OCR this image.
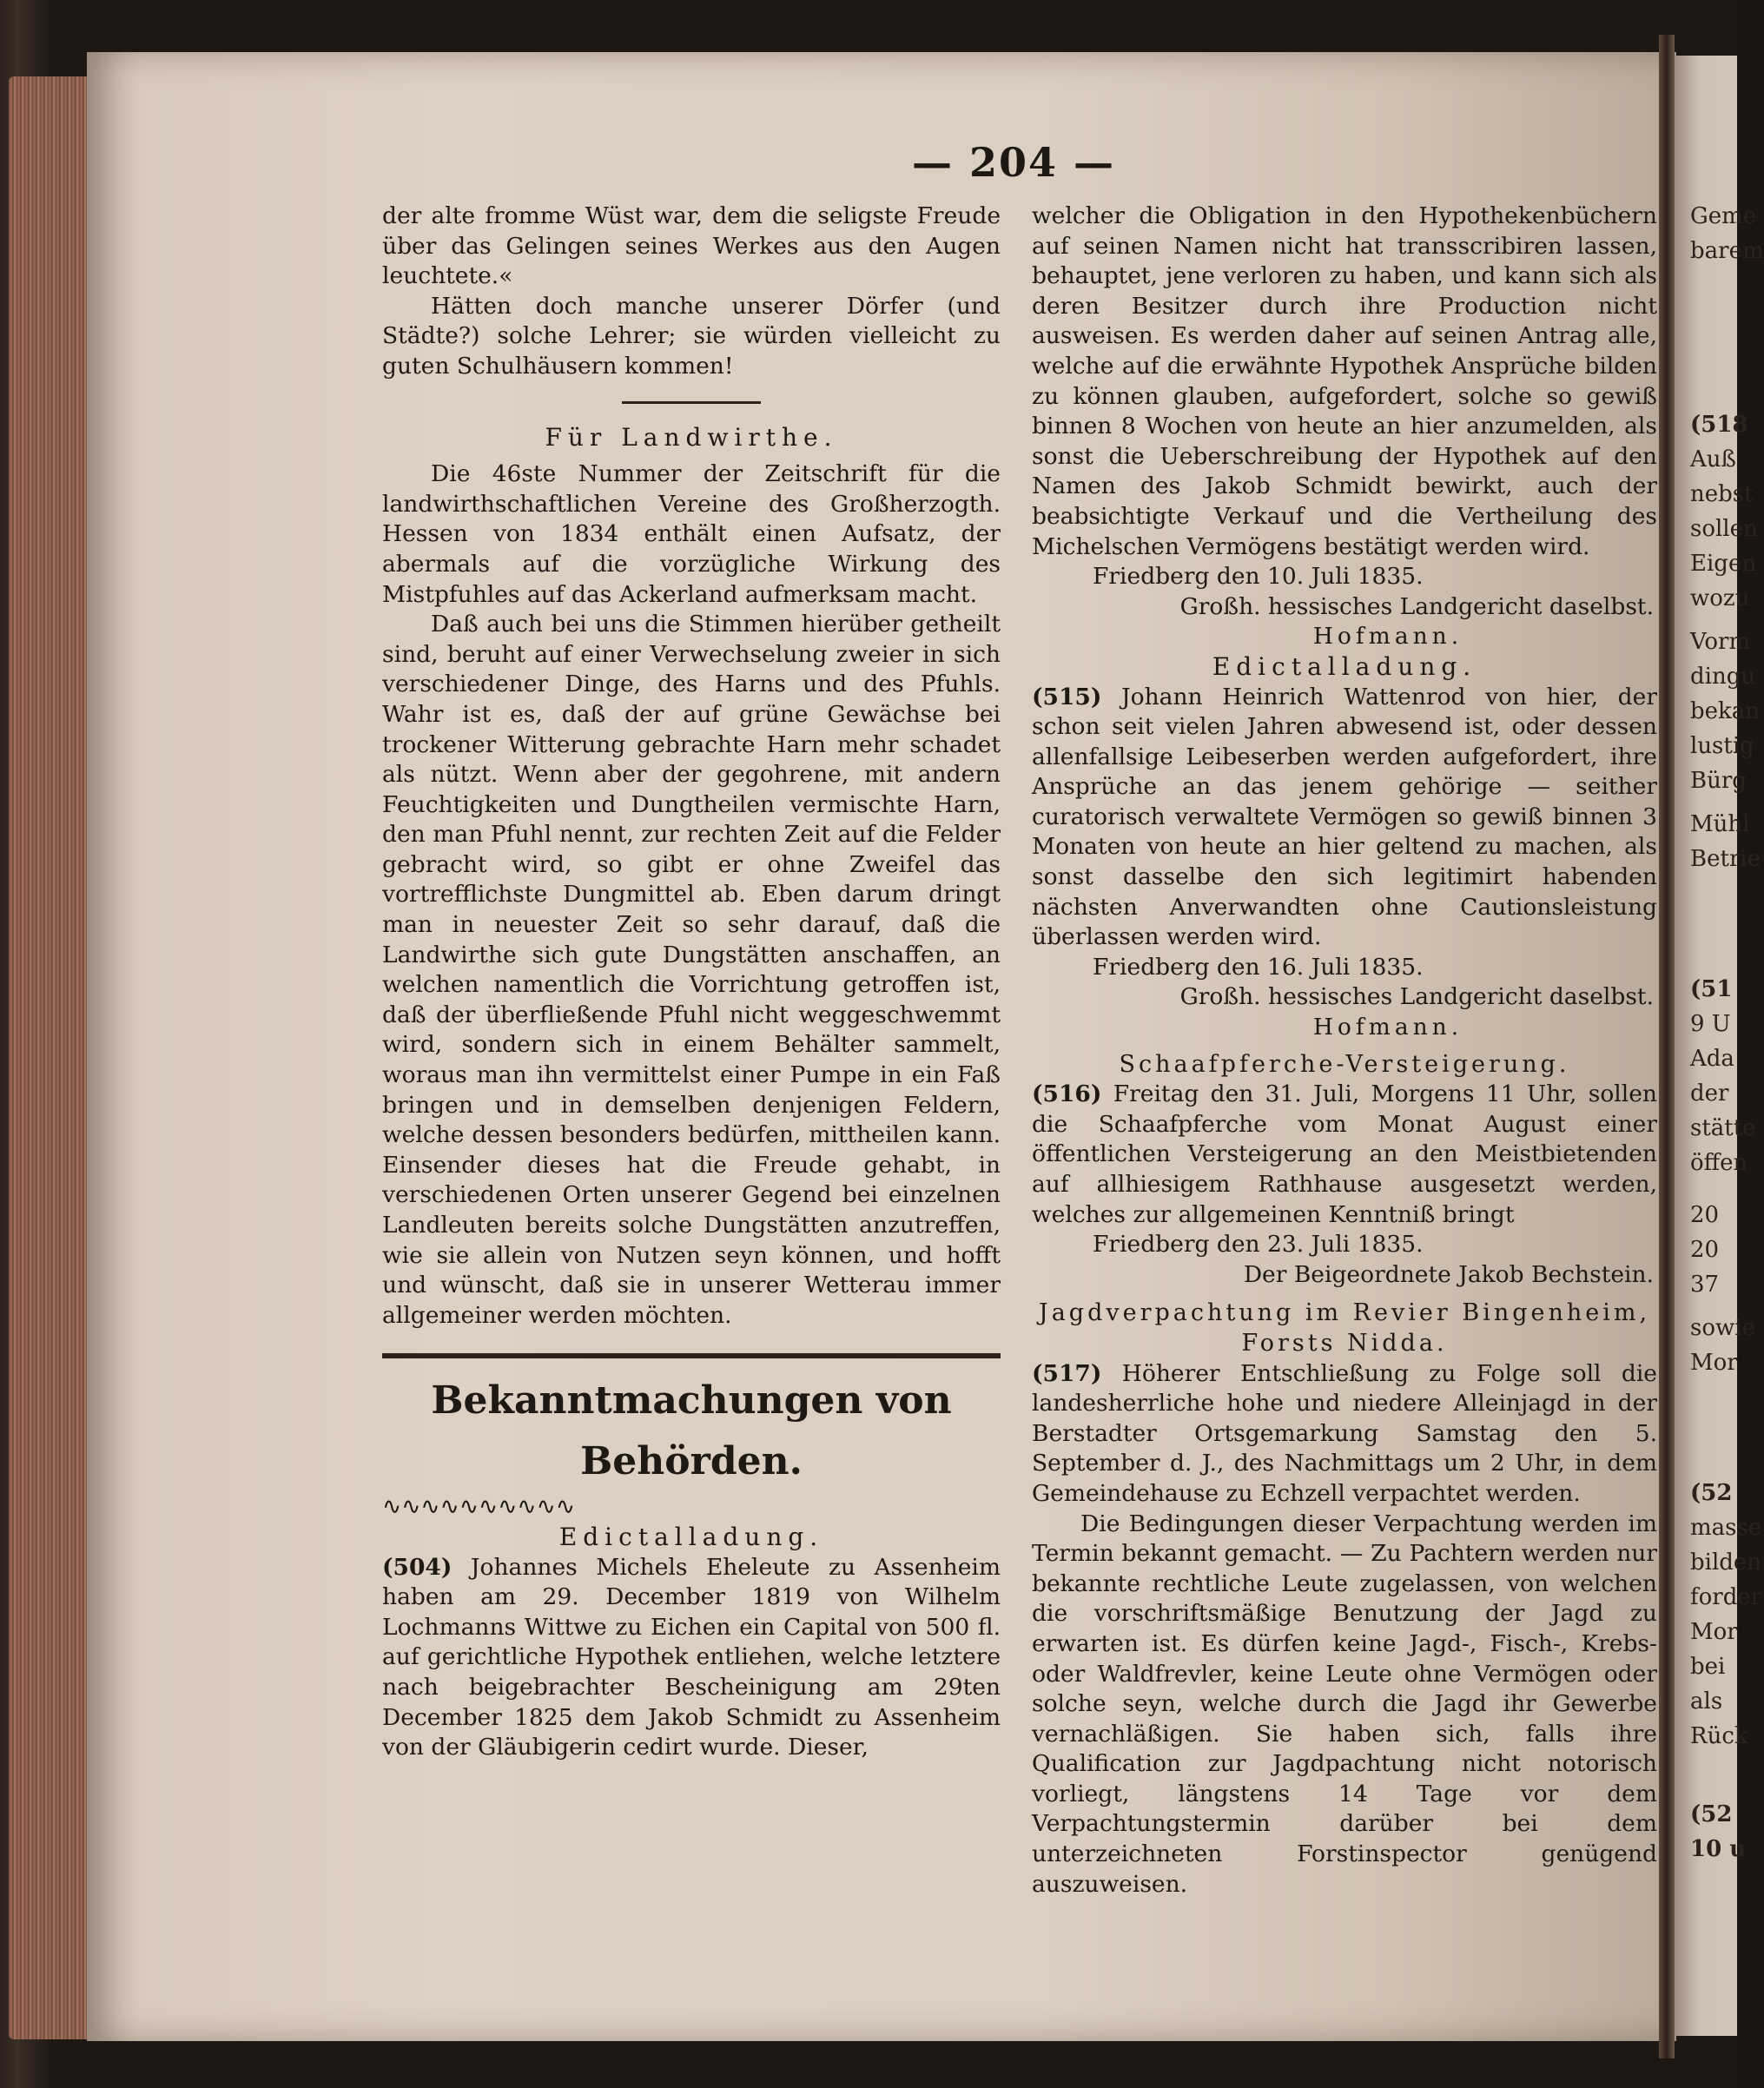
Geme
barem
(518
Auß
nebst
sollen
Eigen
wozu
Vorm
dingu
bekan
lustig
Bürg
Mühl
Betrie
(51
9 U
Ada
der
stätte
öffen
20
20
37
sowie
Mor
(52
masse
bilden
forder
Mor
bei
als
Rück
(52
10 u
— 204 —

der alte fromme Wüst war, dem die seligste Freude über das Gelingen seines Werkes aus den Augen leuchtete.«

Hätten doch manche unserer Dörfer (und Städte?) solche Lehrer; sie würden vielleicht zu guten Schulhäusern kommen!

Für Landwirthe.

Die 46ste Nummer der Zeitschrift für die landwirthschaftlichen Vereine des Großherzogth. Hessen von 1834 enthält einen Aufsatz, der abermals auf die vorzügliche Wirkung des Mistpfuhles auf das Ackerland aufmerksam macht.

Daß auch bei uns die Stimmen hierüber getheilt sind, beruht auf einer Verwechselung zweier in sich verschiedener Dinge, des Harns und des Pfuhls. Wahr ist es, daß der auf grüne Gewächse bei trockener Witterung gebrachte Harn mehr schadet als nützt. Wenn aber der gegohrene, mit andern Feuchtigkeiten und Dungtheilen vermischte Harn, den man Pfuhl nennt, zur rechten Zeit auf die Felder gebracht wird, so gibt er ohne Zweifel das vortrefflichste Dungmittel ab. Eben darum dringt man in neuester Zeit so sehr darauf, daß die Landwirthe sich gute Dungstätten anschaffen, an welchen namentlich die Vorrichtung getroffen ist, daß der überfließende Pfuhl nicht weggeschwemmt wird, sondern sich in einem Behälter sammelt, woraus man ihn vermittelst einer Pumpe in ein Faß bringen und in demselben denjenigen Feldern, welche dessen besonders bedürfen, mittheilen kann. Einsender dieses hat die Freude gehabt, in verschiedenen Orten unserer Gegend bei einzelnen Landleuten bereits solche Dungstätten anzutreffen, wie sie allein von Nutzen seyn können, und hofft und wünscht, daß sie in unserer Wetterau immer allgemeiner werden möchten.

Bekanntmachungen von Behörden.

∿∿∿∿∿∿∿∿∿∿

Edictalladung.

(504) Johannes Michels Eheleute zu Assenheim haben am 29. December 1819 von Wilhelm Lochmanns Wittwe zu Eichen ein Capital von 500 fl. auf gerichtliche Hypothek entliehen, welche letztere nach beigebrachter Bescheinigung am 29ten December 1825 dem Jakob Schmidt zu Assenheim von der Gläubigerin cedirt wurde. Dieser,

welcher die Obligation in den Hypothekenbüchern auf seinen Namen nicht hat transscribiren lassen, behauptet, jene verloren zu haben, und kann sich als deren Besitzer durch ihre Production nicht ausweisen. Es werden daher auf seinen Antrag alle, welche auf die erwähnte Hypothek Ansprüche bilden zu können glauben, aufgefordert, solche so gewiß binnen 8 Wochen von heute an hier anzumelden, als sonst die Ueberschreibung der Hypothek auf den Namen des Jakob Schmidt bewirkt, auch der beabsichtigte Verkauf und die Vertheilung des Michelschen Vermögens bestätigt werden wird.

Friedberg den 10. Juli 1835.

Großh. hessisches Landgericht daselbst.

Hofmann.

Edictalladung.

(515) Johann Heinrich Wattenrod von hier, der schon seit vielen Jahren abwesend ist, oder dessen allenfallsige Leibeserben werden aufgefordert, ihre Ansprüche an das jenem gehörige — seither curatorisch verwaltete Vermögen so gewiß binnen 3 Monaten von heute an hier geltend zu machen, als sonst dasselbe den sich legitimirt habenden nächsten Anverwandten ohne Cautionsleistung überlassen werden wird.

Friedberg den 16. Juli 1835.

Großh. hessisches Landgericht daselbst.

Hofmann.

Schaafpferche-Versteigerung.

(516) Freitag den 31. Juli, Morgens 11 Uhr, sollen die Schaafpferche vom Monat August einer öffentlichen Versteigerung an den Meistbietenden auf allhiesigem Rathhause ausgesetzt werden, welches zur allgemeinen Kenntniß bringt

Friedberg den 23. Juli 1835.

Der Beigeordnete Jakob Bechstein.

Jagdverpachtung im Revier Bingenheim, Forsts Nidda.

(517) Höherer Entschließung zu Folge soll die landesherrliche hohe und niedere Alleinjagd in der Berstadter Ortsgemarkung Samstag den 5. September d. J., des Nachmittags um 2 Uhr, in dem Gemeindehause zu Echzell verpachtet werden.

Die Bedingungen dieser Verpachtung werden im Termin bekannt gemacht. — Zu Pachtern werden nur bekannte rechtliche Leute zugelassen, von welchen die vorschriftsmäßige Benutzung der Jagd zu erwarten ist. Es dürfen keine Jagd-, Fisch-, Krebs- oder Waldfrevler, keine Leute ohne Vermögen oder solche seyn, welche durch die Jagd ihr Gewerbe vernachläßigen. Sie haben sich, falls ihre Qualification zur Jagdpachtung nicht notorisch vorliegt, längstens 14 Tage vor dem Verpachtungstermin darüber bei dem unterzeichneten Forstinspector genügend auszuweisen.
